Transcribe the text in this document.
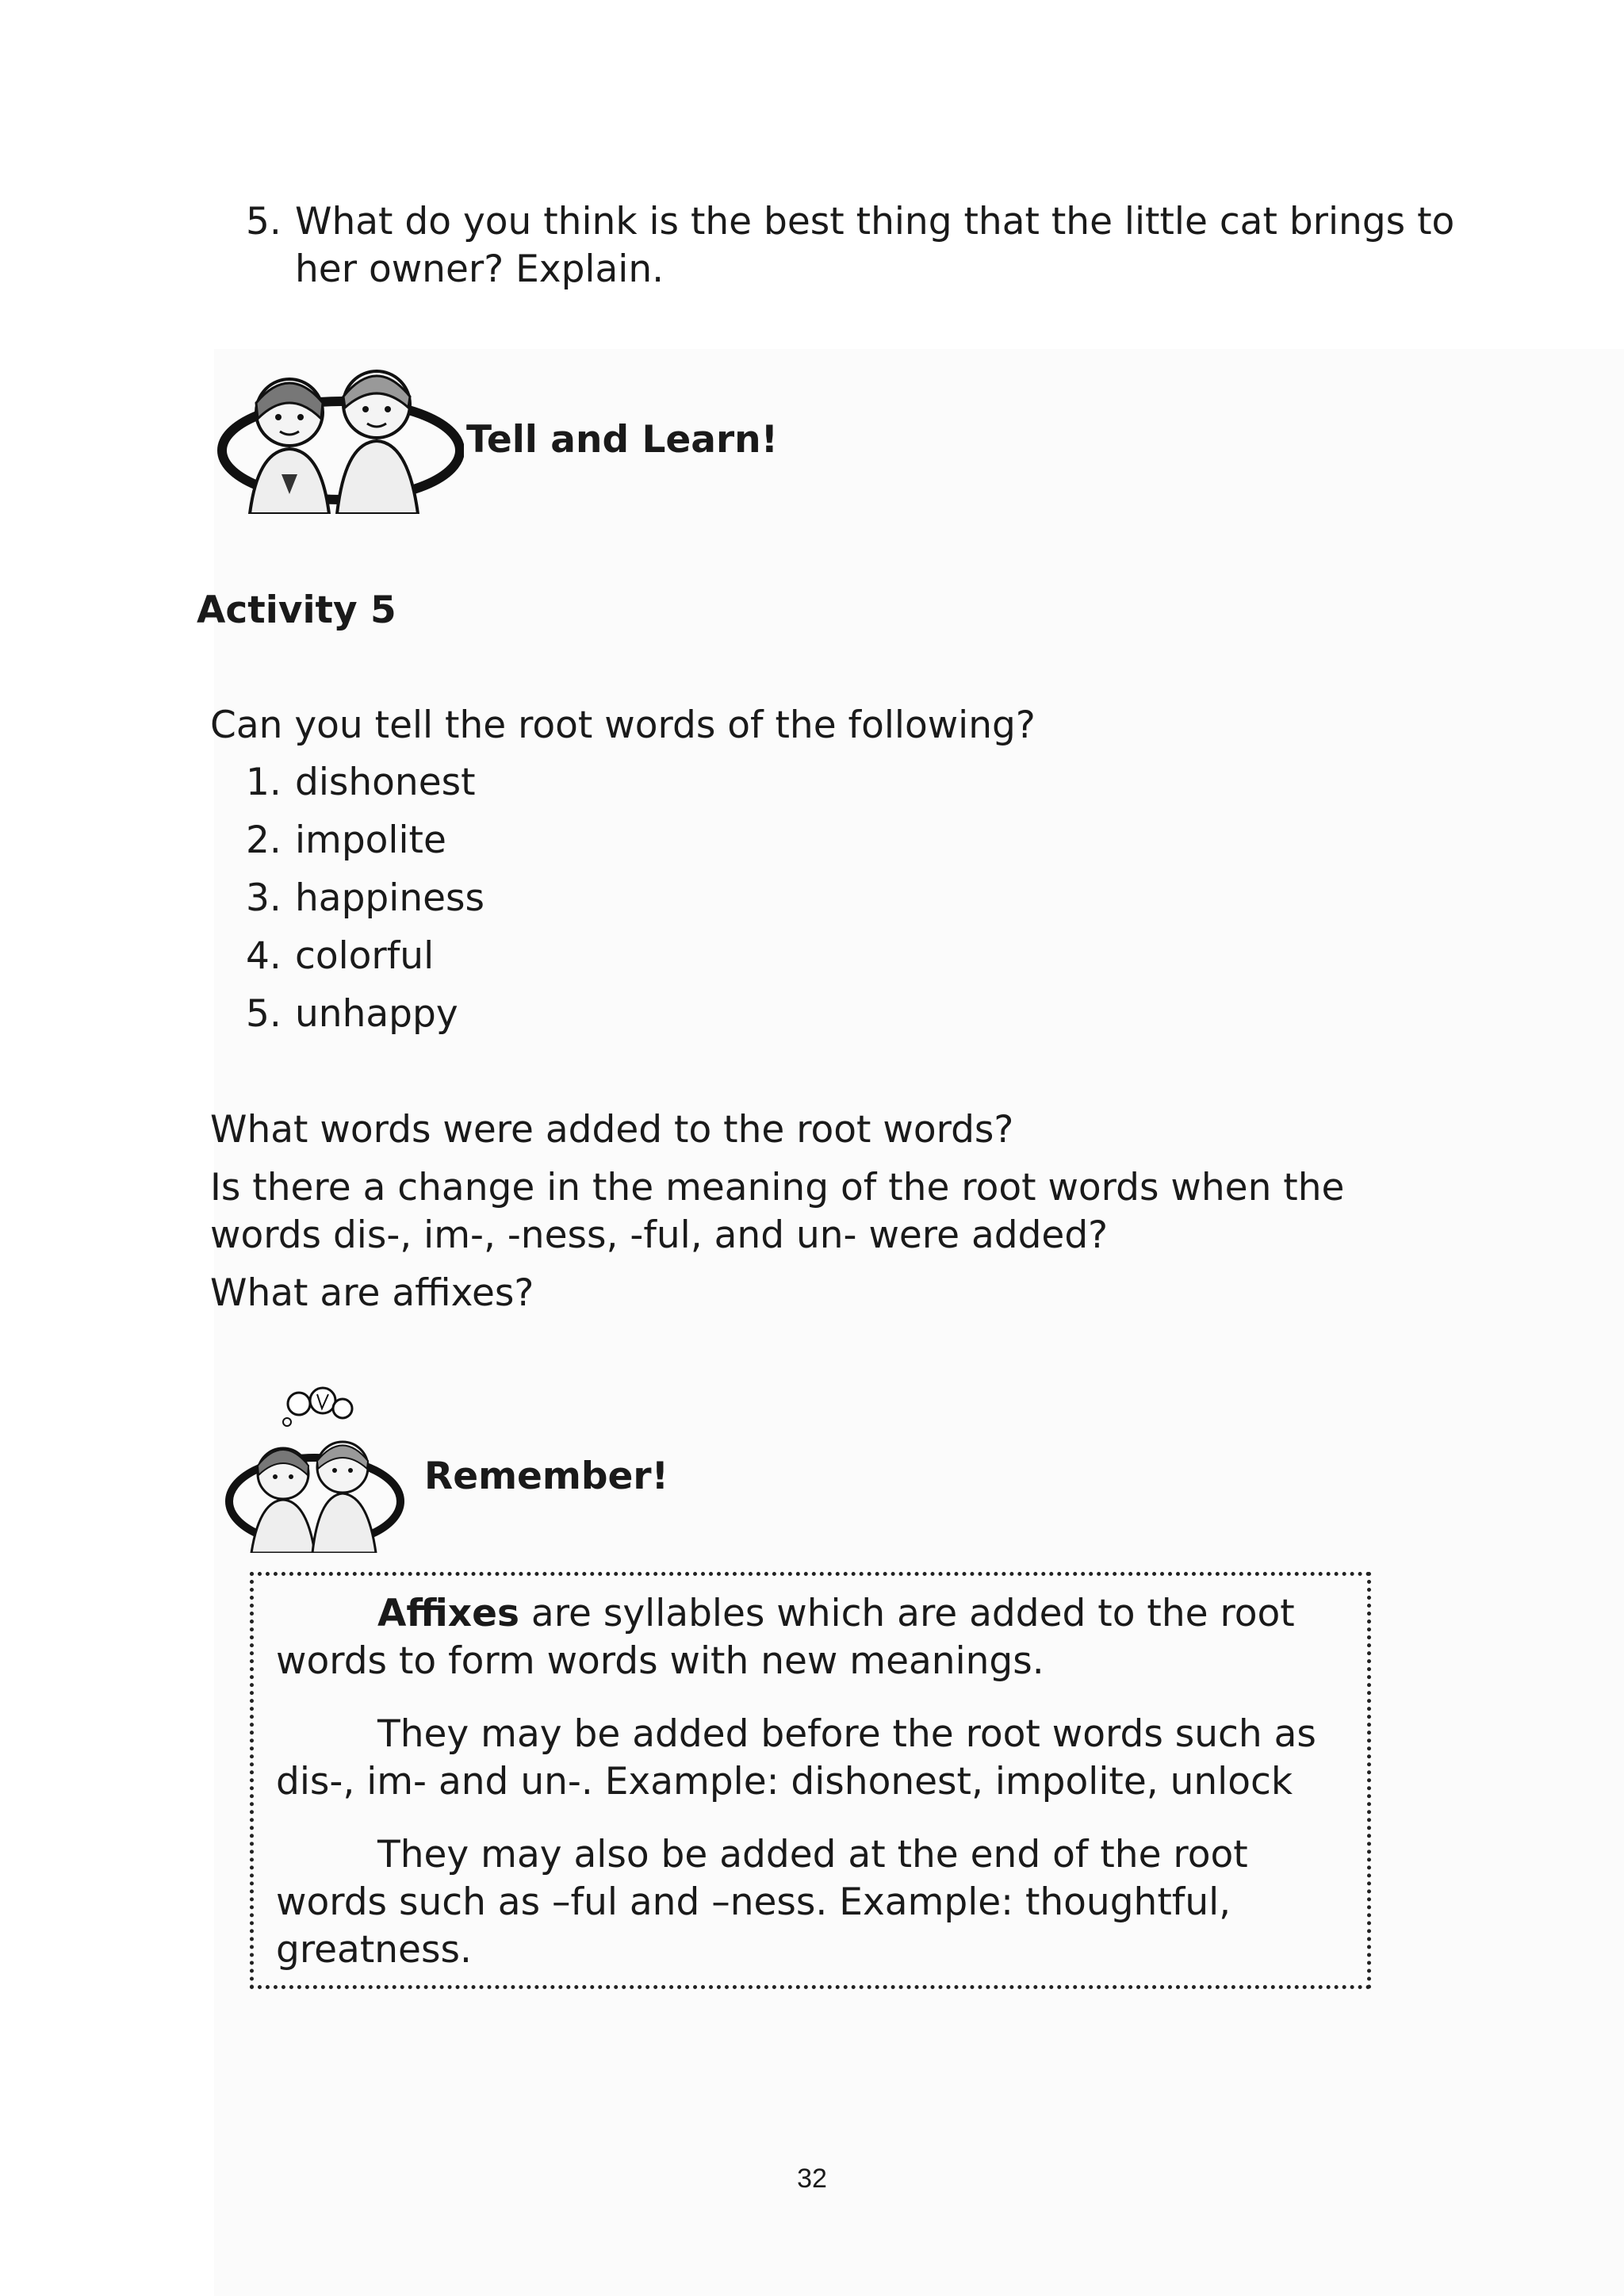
5. What do you think is the best thing that the little cat brings to
her owner? Explain.
Tell and Learn!
Activity 5
Can you tell the root words of the following?
1. dishonest
2. impolite
3. happiness
4. colorful
5. unhappy
What words were added to the root words?
Is there a change in the meaning of the root words when the
words dis-, im-, -ness, -ful, and un- were added?
What are affixes?
Remember!

Affixes are syllables which are added to the root

words to form words with new meanings.

They may be added before the root words such as

dis-, im- and un-. Example: dishonest, impolite, unlock

They may also be added at the end of the root

words such as –ful and –ness. Example: thoughtful,

greatness.

32
